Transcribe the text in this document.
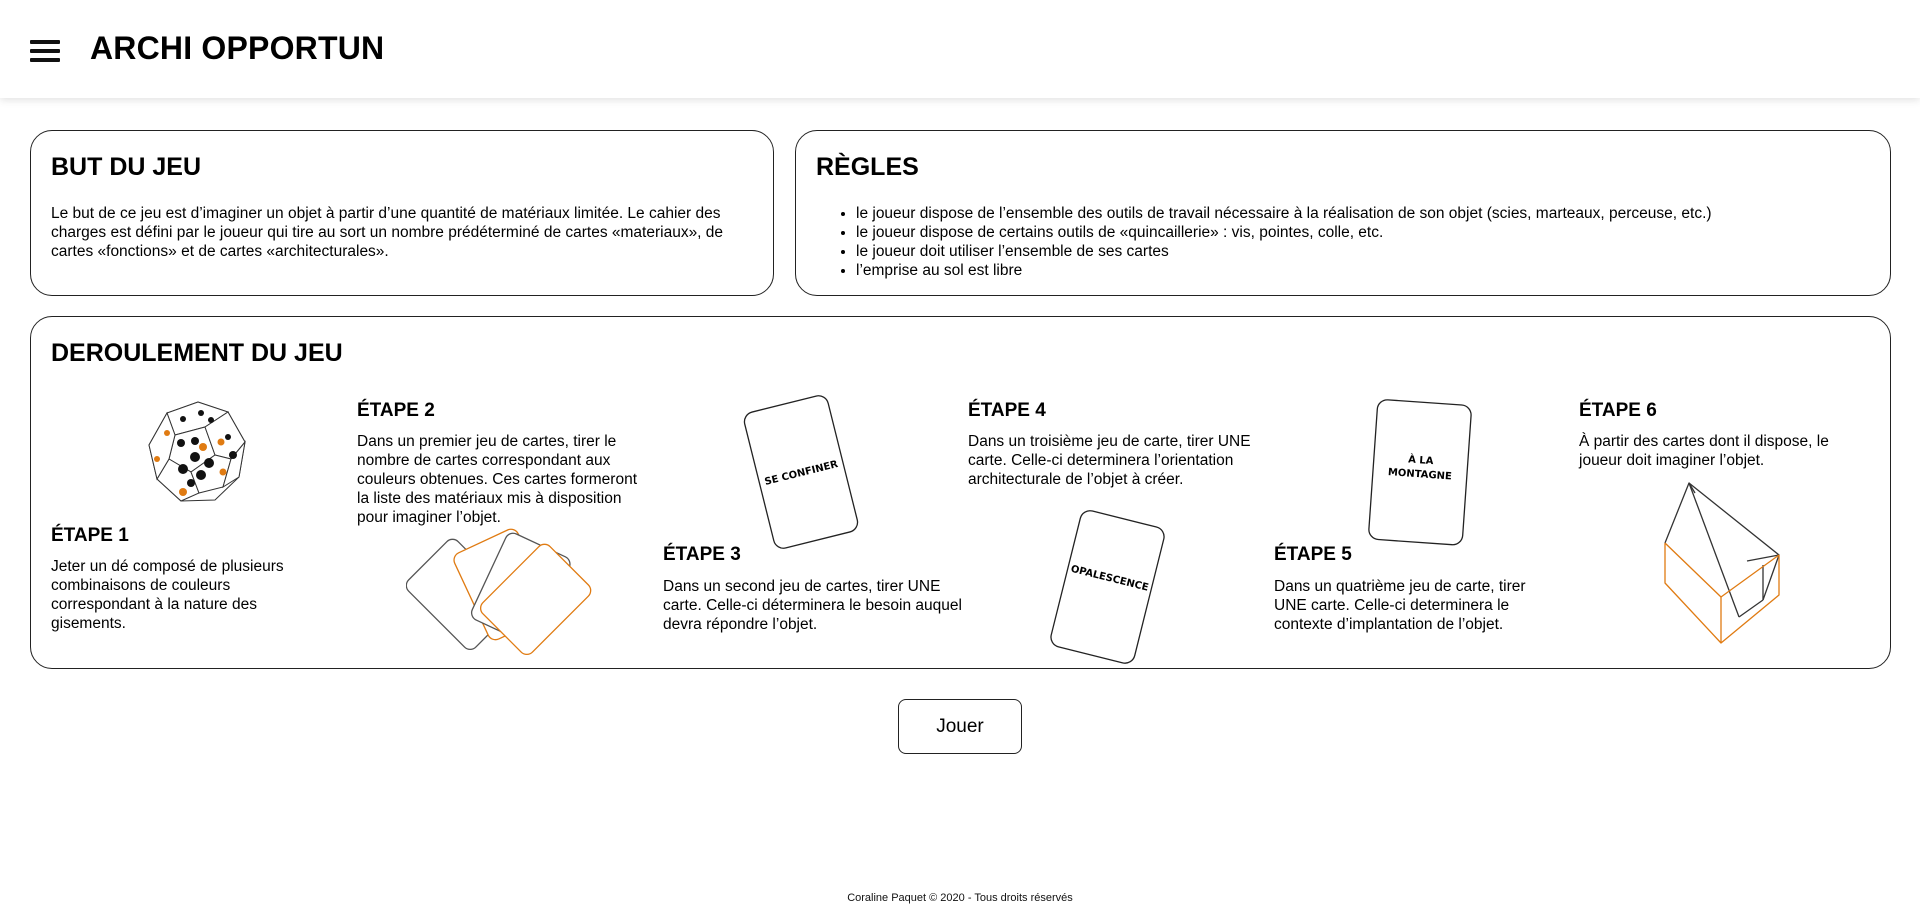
ARCHI OPPORTUN
BUT DU JEU

Le but de ce jeu est d’imaginer un objet à partir d’une quantité de matériaux limitée. Le cahier des charges est défini par le joueur qui tire au sort un nombre prédéterminé de cartes «materiaux», de cartes «fonctions» et de cartes «architecturales».

RÈGLES
• le joueur dispose de l’ensemble des outils de travail nécessaire à la réalisation de son objet (scies, marteaux, perceuse, etc.)
• le joueur dispose de certains outils de «quincaillerie» : vis, pointes, colle, etc.
• le joueur doit utiliser l’ensemble de ses cartes
• l’emprise au sol est libre
DEROULEMENT DU JEU
ÉTAPE 1

Jeter un dé composé de plusieurs combinaisons de couleurs correspondant à la nature des gisements.

ÉTAPE 2

Dans un premier jeu de cartes, tirer le nombre de cartes correspondant aux couleurs obtenues. Ces cartes formeront la liste des matériaux mis à disposition pour imaginer l’objet.

SE CONFINER
ÉTAPE 3

Dans un second jeu de cartes, tirer UNE carte. Celle-ci déterminera le besoin auquel devra répondre l’objet.

ÉTAPE 4

Dans un troisième jeu de carte, tirer UNE carte. Celle-ci determinera l’orientation architecturale de l’objet à créer.

OPALESCENCE
À LA
MONTAGNE
ÉTAPE 5

Dans un quatrième jeu de carte, tirer UNE carte. Celle-ci determinera le contexte d’implantation de l’objet.

ÉTAPE 6

À partir des cartes dont il dispose, le joueur doit imaginer l’objet.

Jouer
Coraline Paquet © 2020 - Tous droits réservés
